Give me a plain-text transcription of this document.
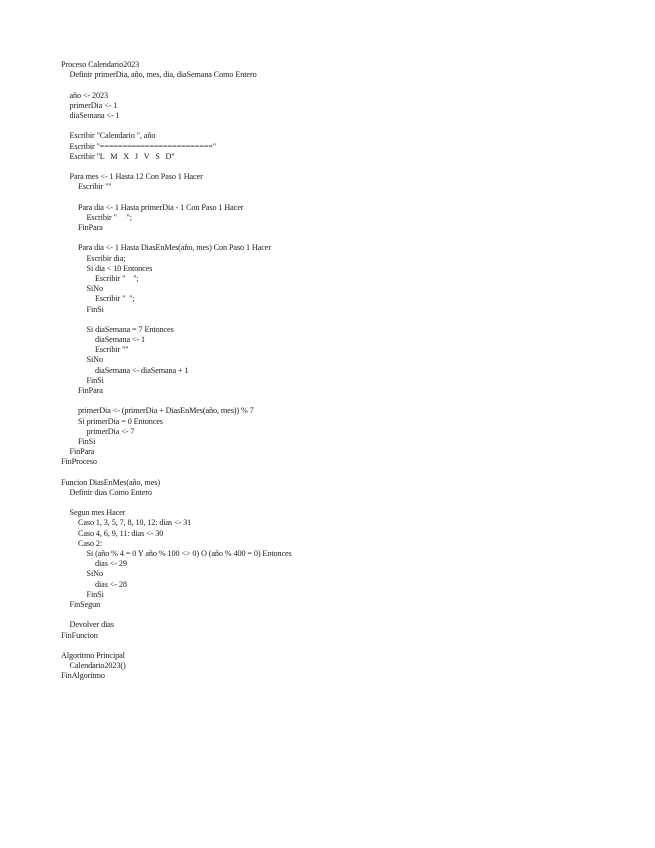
Proceso Calendario2023
Definir primerDia, año, mes, dia, diaSemana Como Entero
año <- 2023
primerDia <- 1
diaSemana <- 1
Escribir "Calendario ", año
Escribir "========================="
Escribir "L   M   X   J   V   S   D"
Para mes <- 1 Hasta 12 Con Paso 1 Hacer
Escribir ""
Para dia <- 1 Hasta primerDia - 1 Con Paso 1 Hacer
Escribir "     ";
FinPara
Para dia <- 1 Hasta DiasEnMes(año, mes) Con Paso 1 Hacer
Escribir dia;
Si dia < 10 Entonces
Escribir "    ";
SiNo
Escribir "  ";
FinSi
Si diaSemana = 7 Entonces
diaSemana <- 1
Escribir ""
SiNo
diaSemana <- diaSemana + 1
FinSi
FinPara
primerDia <- (primerDia + DiasEnMes(año, mes)) % 7
Si primerDia = 0 Entonces
primerDia <- 7
FinSi
FinPara
FinProceso
Funcion DiasEnMes(año, mes)
Definir dias Como Entero
Segun mes Hacer
Caso 1, 3, 5, 7, 8, 10, 12: dias <- 31
Caso 4, 6, 9, 11: dias <- 30
Caso 2:
Si (año % 4 = 0 Y año % 100 <> 0) O (año % 400 = 0) Entonces
dias <- 29
SiNo
dias <- 28
FinSi
FinSegun
Devolver dias
FinFuncion
Algoritmo Principal
Calendario2023()
FinAlgoritmo
